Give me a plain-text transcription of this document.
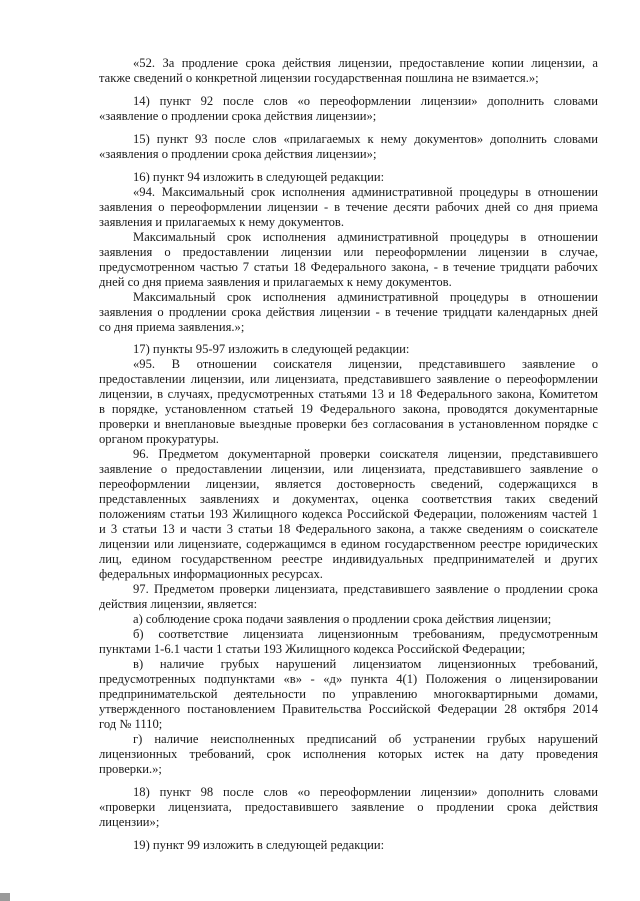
«52. За продление срока действия лицензии, предоставление копии лицензии, а
также сведений о конкретной лицензии государственная пошлина не взимается.»;
14) пункт 92 после слов «о переоформлении лицензии» дополнить словами
«заявление о продлении срока действия лицензии»;
15) пункт 93 после слов «прилагаемых к нему документов» дополнить словами
«заявления о продлении срока действия лицензии»;
16) пункт 94 изложить в следующей редакции:
«94. Максимальный срок исполнения административной процедуры в отношении
заявления о переоформлении лицензии - в течение десяти рабочих дней со дня приема
заявления и прилагаемых к нему документов.
Максимальный срок исполнения административной процедуры в отношении
заявления о предоставлении лицензии или переоформлении лицензии в случае,
предусмотренном частью 7 статьи 18 Федерального закона, - в течение тридцати рабочих
дней со дня приема заявления и прилагаемых к нему документов.
Максимальный срок исполнения административной процедуры в отношении
заявления о продлении срока действия лицензии - в течение тридцати календарных дней
со дня приема заявления.»;
17) пункты 95-97 изложить в следующей редакции:
«95. В отношении соискателя лицензии, представившего заявление о
предоставлении лицензии, или лицензиата, представившего заявление о переоформлении
лицензии, в случаях, предусмотренных статьями 13 и 18 Федерального закона, Комитетом
в порядке, установленном статьей 19 Федерального закона, проводятся документарные
проверки и внеплановые выездные проверки без согласования в установленном порядке с
органом прокуратуры.
96. Предметом документарной проверки соискателя лицензии, представившего
заявление о предоставлении лицензии, или лицензиата, представившего заявление о
переоформлении лицензии, является достоверность сведений, содержащихся в
представленных заявлениях и документах, оценка соответствия таких сведений
положениям статьи 193 Жилищного кодекса Российской Федерации, положениям частей 1
и 3 статьи 13 и части 3 статьи 18 Федерального закона, а также сведениям о соискателе
лицензии или лицензиате, содержащимся в едином государственном реестре юридических
лиц, едином государственном реестре индивидуальных предпринимателей и других
федеральных информационных ресурсах.
97. Предметом проверки лицензиата, представившего заявление о продлении срока
действия лицензии, является:
а) соблюдение срока подачи заявления о продлении срока действия лицензии;
б) соответствие лицензиата лицензионным требованиям, предусмотренным
пунктами 1-6.1 части 1 статьи 193 Жилищного кодекса Российской Федерации;
в) наличие грубых нарушений лицензиатом лицензионных требований,
предусмотренных подпунктами «в» - «д» пункта 4(1) Положения о лицензировании
предпринимательской деятельности по управлению многоквартирными домами,
утвержденного постановлением Правительства Российской Федерации 28 октября 2014
год № 1110;
г) наличие неисполненных предписаний об устранении грубых нарушений
лицензионных требований, срок исполнения которых истек на дату проведения
проверки.»;
18) пункт 98 после слов «о переоформлении лицензии» дополнить словами
«проверки лицензиата, предоставившего заявление о продлении срока действия
лицензии»;
19) пункт 99 изложить в следующей редакции:
